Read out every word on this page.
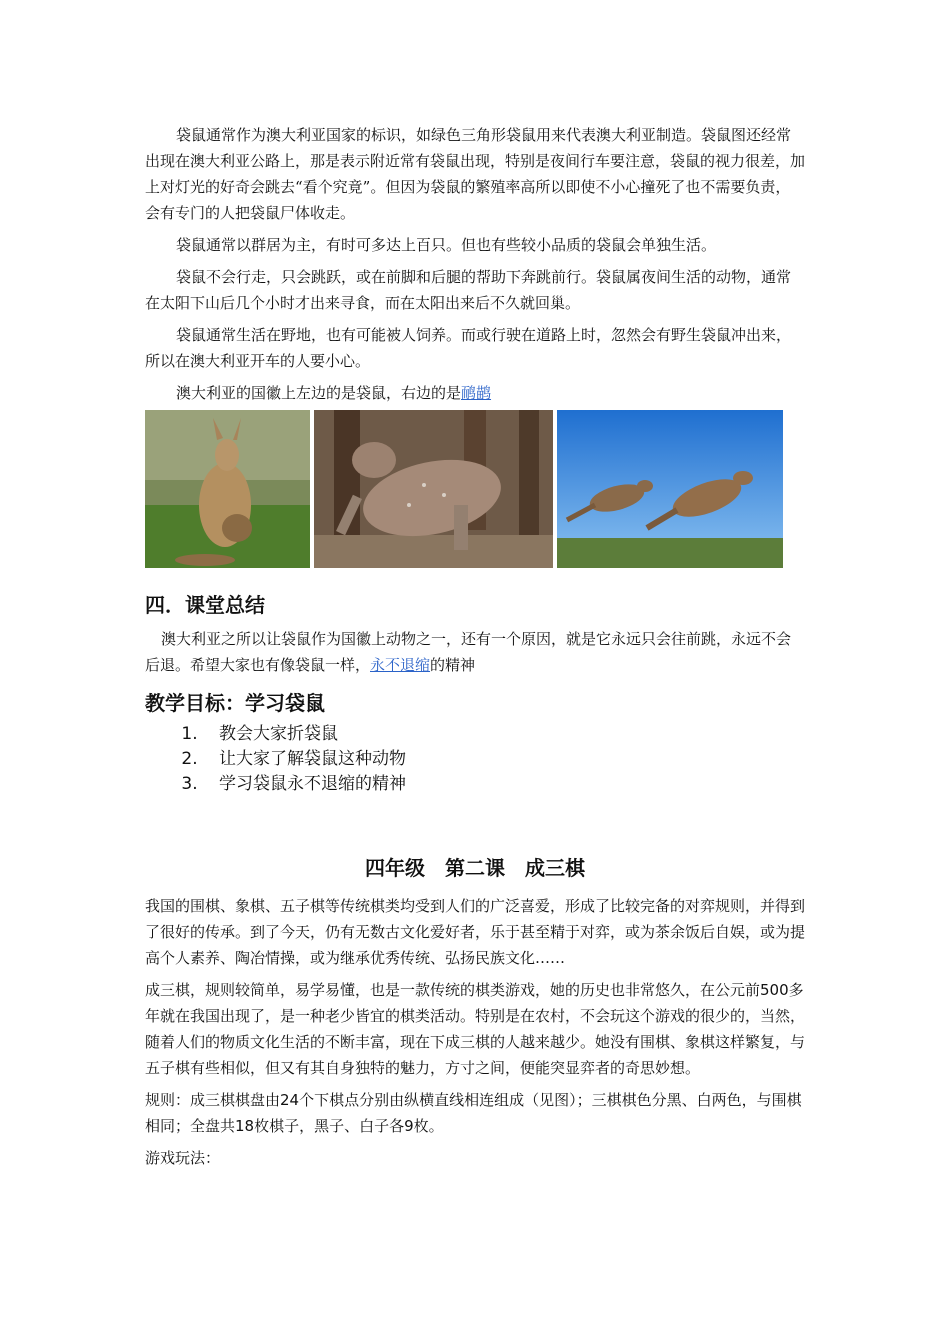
袋鼠通常作为澳大利亚国家的标识，如绿色三角形袋鼠用来代表澳大利亚制造。袋鼠图还经常出现在澳大利亚公路上，那是表示附近常有袋鼠出现，特别是夜间行车要注意，袋鼠的视力很差，加上对灯光的好奇会跳去“看个究竟”。但因为袋鼠的繁殖率高所以即使不小心撞死了也不需要负责，会有专门的人把袋鼠尸体收走。

袋鼠通常以群居为主，有时可多达上百只。但也有些较小品质的袋鼠会单独生活。

袋鼠不会行走，只会跳跃，或在前脚和后腿的帮助下奔跳前行。袋鼠属夜间生活的动物，通常在太阳下山后几个小时才出来寻食，而在太阳出来后不久就回巢。

袋鼠通常生活在野地，也有可能被人饲养。而或行驶在道路上时，忽然会有野生袋鼠冲出来，所以在澳大利亚开车的人要小心。

澳大利亚的国徽上左边的是袋鼠，右边的是鸸鹋

四．课堂总结

澳大利亚之所以让袋鼠作为国徽上动物之一，还有一个原因，就是它永远只会往前跳，永远不会后退。希望大家也有像袋鼠一样，永不退缩的精神

教学目标：学习袋鼠
1. 教会大家折袋鼠
2. 让大家了解袋鼠这种动物
3. 学习袋鼠永不退缩的精神
四年级　第二课　成三棋

我国的围棋、象棋、五子棋等传统棋类均受到人们的广泛喜爱，形成了比较完备的对弈规则，并得到了很好的传承。到了今天，仍有无数古文化爱好者，乐于甚至精于对弈，或为茶余饭后自娱，或为提高个人素养、陶冶情操，或为继承优秀传统、弘扬民族文化……

成三棋，规则较简单，易学易懂，也是一款传统的棋类游戏，她的历史也非常悠久，在公元前500多年就在我国出现了，是一种老少皆宜的棋类活动。特别是在农村，不会玩这个游戏的很少的，当然，随着人们的物质文化生活的不断丰富，现在下成三棋的人越来越少。她没有围棋、象棋这样繁复，与五子棋有些相似，但又有其自身独特的魅力，方寸之间，便能突显弈者的奇思妙想。

规则：成三棋棋盘由24个下棋点分别由纵横直线相连组成（见图）；三棋棋色分黑、白两色，与围棋相同；全盘共18枚棋子，黑子、白子各9枚。

游戏玩法：
